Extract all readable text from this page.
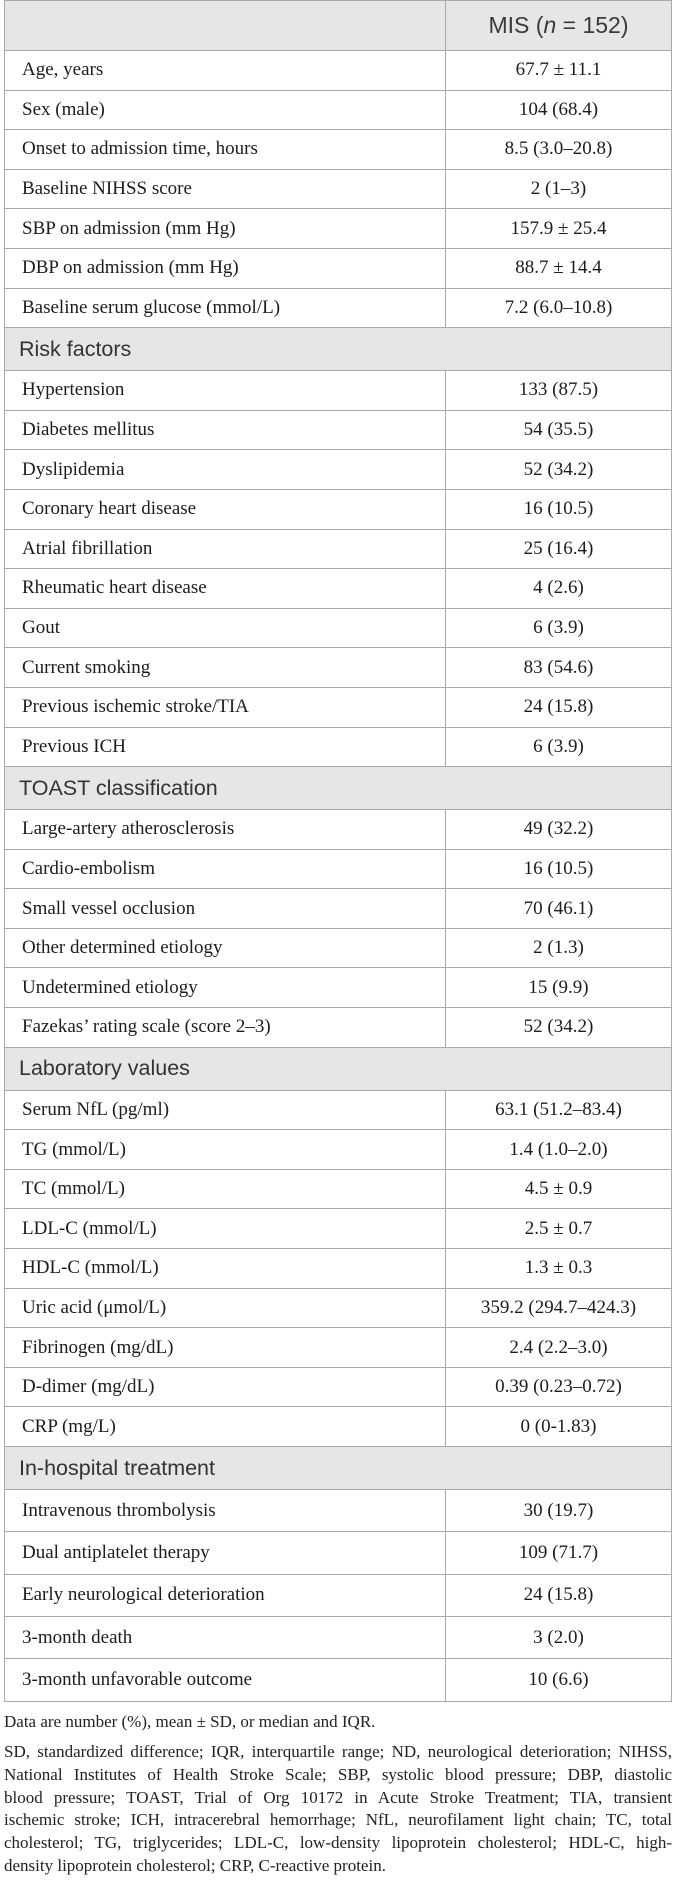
MIS ( n = 152)
Age, years	67.7 ± 11.1
Sex (male)	104 (68.4)
Onset to admission time, hours	8.5 (3.0–20.8)
Baseline NIHSS score	2 (1–3)
SBP on admission (mm Hg)	157.9 ± 25.4
DBP on admission (mm Hg)	88.7 ± 14.4
Baseline serum glucose (mmol/L)	7.2 (6.0–10.8)
Risk factors
Hypertension	133 (87.5)
Diabetes mellitus	54 (35.5)
Dyslipidemia	52 (34.2)
Coronary heart disease	16 (10.5)
Atrial fibrillation	25 (16.4)
Rheumatic heart disease	4 (2.6)
Gout	6 (3.9)
Current smoking	83 (54.6)
Previous ischemic stroke/TIA	24 (15.8)
Previous ICH	6 (3.9)
TOAST classification
Large-artery atherosclerosis	49 (32.2)
Cardio-embolism	16 (10.5)
Small vessel occlusion	70 (46.1)
Other determined etiology	2 (1.3)
Undetermined etiology	15 (9.9)
Fazekas’ rating scale (score 2–3)	52 (34.2)
Laboratory values
Serum NfL (pg/ml)	63.1 (51.2–83.4)
TG (mmol/L)	1.4 (1.0–2.0)
TC (mmol/L)	4.5 ± 0.9
LDL-C (mmol/L)	2.5 ± 0.7
HDL-C (mmol/L)	1.3 ± 0.3
Uric acid (μmol/L)	359.2 (294.7–424.3)
Fibrinogen (mg/dL)	2.4 (2.2–3.0)
D-dimer (mg/dL)	0.39 (0.23–0.72)
CRP (mg/L)	0 (0-1.83)
In-hospital treatment
Intravenous thrombolysis	30 (19.7)
Dual antiplatelet therapy	109 (71.7)
Early neurological deterioration	24 (15.8)
3-month death	3 (2.0)
3-month unfavorable outcome	10 (6.6)

Data are number (%), mean ± SD, or median and IQR.

SD, standardized difference; IQR, interquartile range; ND, neurological deterioration; NIHSS,

National Institutes of Health Stroke Scale; SBP, systolic blood pressure; DBP, diastolic

blood pressure; TOAST, Trial of Org 10172 in Acute Stroke Treatment; TIA, transient

ischemic stroke; ICH, intracerebral hemorrhage; NfL, neurofilament light chain; TC, total

cholesterol; TG, triglycerides; LDL-C, low-density lipoprotein cholesterol; HDL-C, high-

density lipoprotein cholesterol; CRP, C-reactive protein.
